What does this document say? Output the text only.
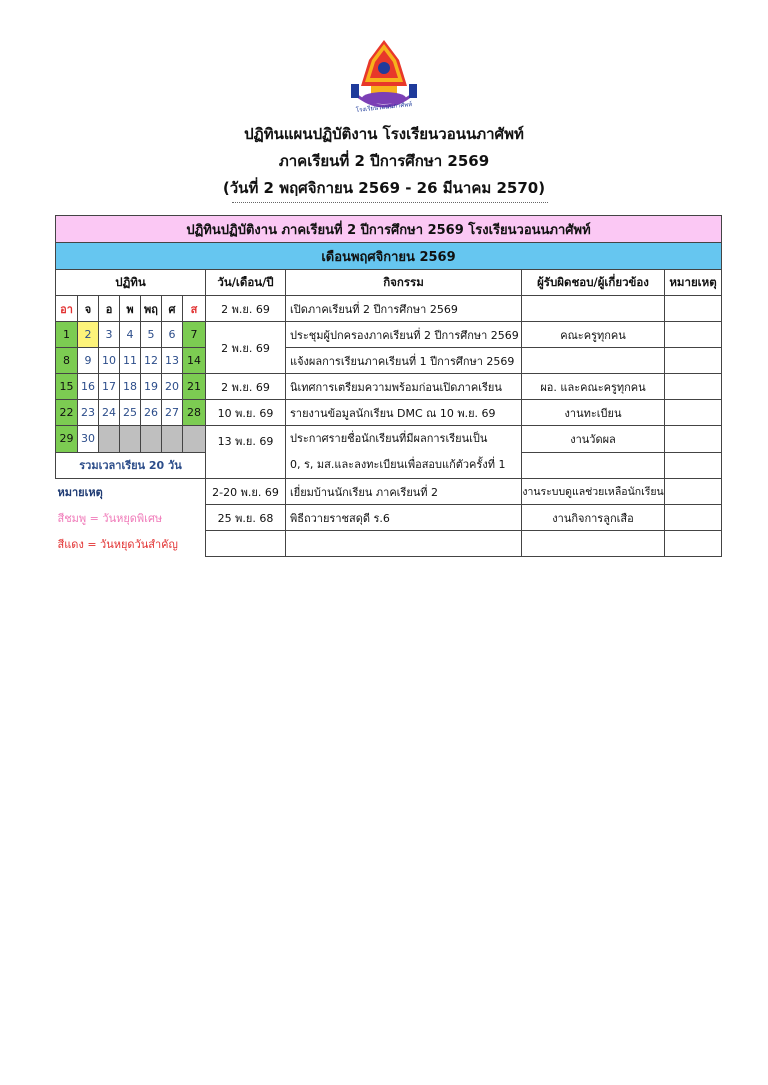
โรงเรียนวอนนภาศัพท์
ปฏิทินแผนปฏิบัติงาน โรงเรียนวอนนภาศัพท์
ภาคเรียนที่ 2 ปีการศึกษา 2569
(วันที่ 2 พฤศจิกายน 2569 - 26 มีนาคม 2570)
ปฏิทินปฏิบัติงาน ภาคเรียนที่ 2 ปีการศึกษา 2569 โรงเรียนวอนนภาศัพท์										
เดือนพฤศจิกายน 2569										
ปฏิทิน							วัน/เดือน/ปี	กิจกรรม	ผู้รับผิดชอบ/ผู้เกี่ยวข้อง	หมายเหตุ
อา	จ	อ	พ	พฤ	ศ	ส	2 พ.ย. 69	เปิดภาคเรียนที่ 2 ปีการศึกษา 2569		
1	2	3	4	5	6	7	2 พ.ย. 69	ประชุมผู้ปกครองภาคเรียนที่ 2 ปีการศึกษา 2569	คณะครูทุกคน	
8	9	10	11	12	13	14		แจ้งผลการเรียนภาคเรียนที่ 1 ปีการศึกษา 2569		
15	16	17	18	19	20	21	2 พ.ย. 69	นิเทศการเตรียมความพร้อมก่อนเปิดภาคเรียน	ผอ. และคณะครูทุกคน	
22	23	24	25	26	27	28	10 พ.ย. 69	รายงานข้อมูลนักเรียน DMC ณ 10 พ.ย. 69	งานทะเบียน	
29	30						13 พ.ย. 69	ประกาศรายชื่อนักเรียนที่มีผลการเรียนเป็น
0, ร, มส.และลงทะเบียนเพื่อสอบแก้ตัวครั้งที่ 1	งานวัดผล	
รวมเวลาเรียน 20 วัน										
หมายเหตุ							2-20 พ.ย. 69	เยี่ยมบ้านนักเรียน ภาคเรียนที่ 2	งานระบบดูแลช่วยเหลือนักเรียน	
สีชมพู = วันหยุดพิเศษ							25 พ.ย. 68	พิธีถวายราชสดุดี ร.6	งานกิจการลูกเสือ	
สีแดง = วันหยุดวันสำคัญ										
